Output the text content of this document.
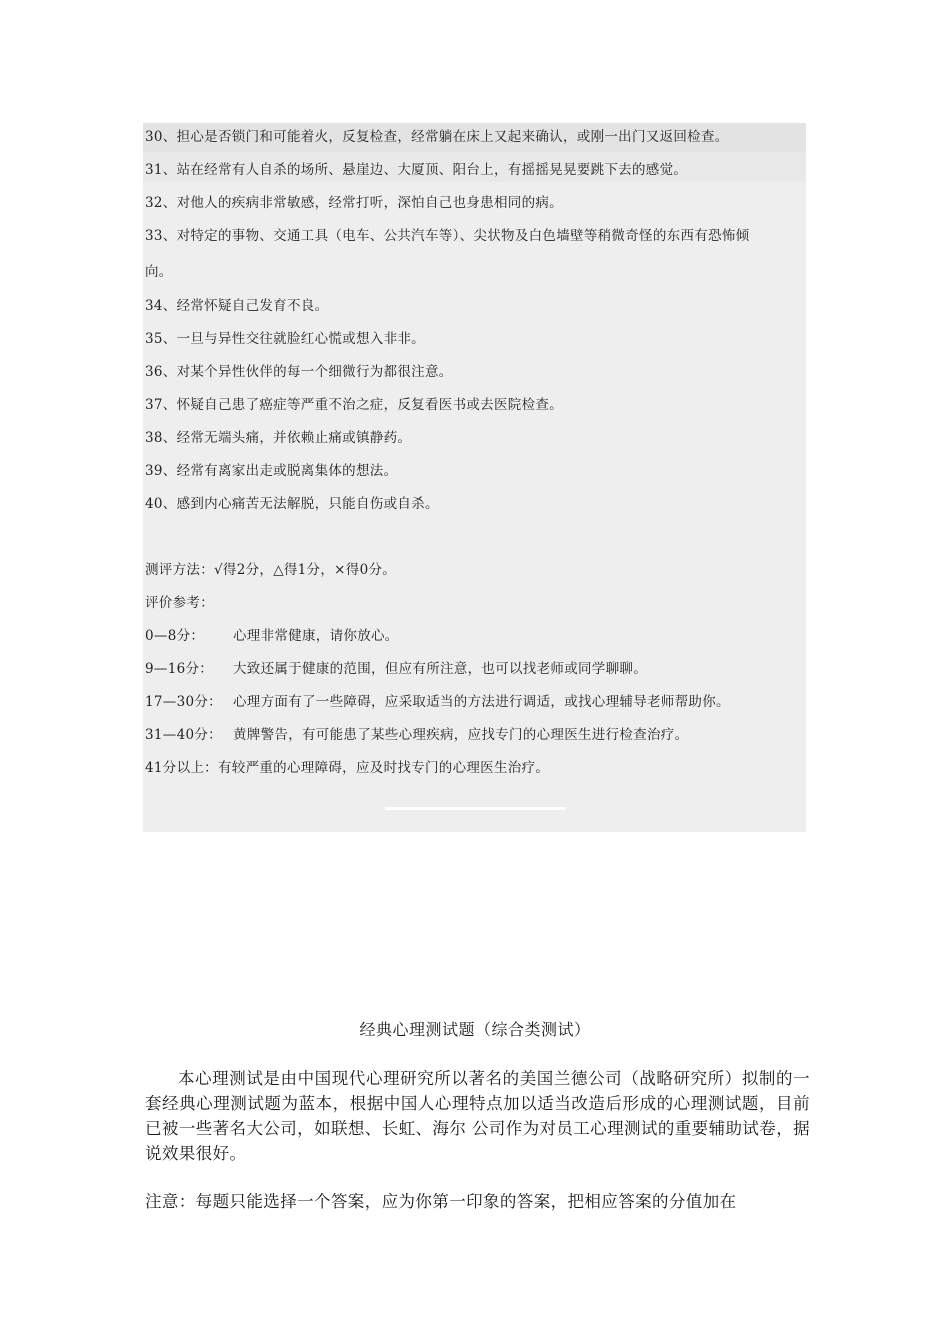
30、担心是否锁门和可能着火，反复检查，经常躺在床上又起来确认，或刚一出门又返回检查。
31、站在经常有人自杀的场所、悬崖边、大厦顶、阳台上，有摇摇晃晃要跳下去的感觉。
32、对他人的疾病非常敏感，经常打听，深怕自己也身患相同的病。
33、对特定的事物、交通工具（电车、公共汽车等）、尖状物及白色墙壁等稍微奇怪的东西有恐怖倾
向。
34、经常怀疑自己发育不良。
35、一旦与异性交往就脸红心慌或想入非非。
36、对某个异性伙伴的每一个细微行为都很注意。
37、怀疑自己患了癌症等严重不治之症，反复看医书或去医院检查。
38、经常无端头痛，并依赖止痛或镇静药。
39、经常有离家出走或脱离集体的想法。
40、感到内心痛苦无法解脱，只能自伤或自杀。
测评方法：√得2分，△得1分，×得0分。
评价参考：
0—8分： 心理非常健康，请你放心。
9—16分： 大致还属于健康的范围，但应有所注意，也可以找老师或同学聊聊。
17—30分： 心理方面有了一些障碍，应采取适当的方法进行调适，或找心理辅导老师帮助你。
31—40分： 黄牌警告，有可能患了某些心理疾病，应找专门的心理医生进行检查治疗。
41分以上：有较严重的心理障碍，应及时找专门的心理医生治疗。
经典心理测试题（综合类测试）
本心理测试是由中国现代心理研究所以著名的美国兰德公司（战略研究所）拟制的一套经典心理测试题为蓝本，根据中国人心理特点加以适当改造后形成的心理测试题，目前已被一些著名大公司，如联想、长虹、海尔 公司作为对员工心理测试的重要辅助试卷，据说效果很好。
注意：每题只能选择一个答案，应为你第一印象的答案，把相应答案的分值加在
